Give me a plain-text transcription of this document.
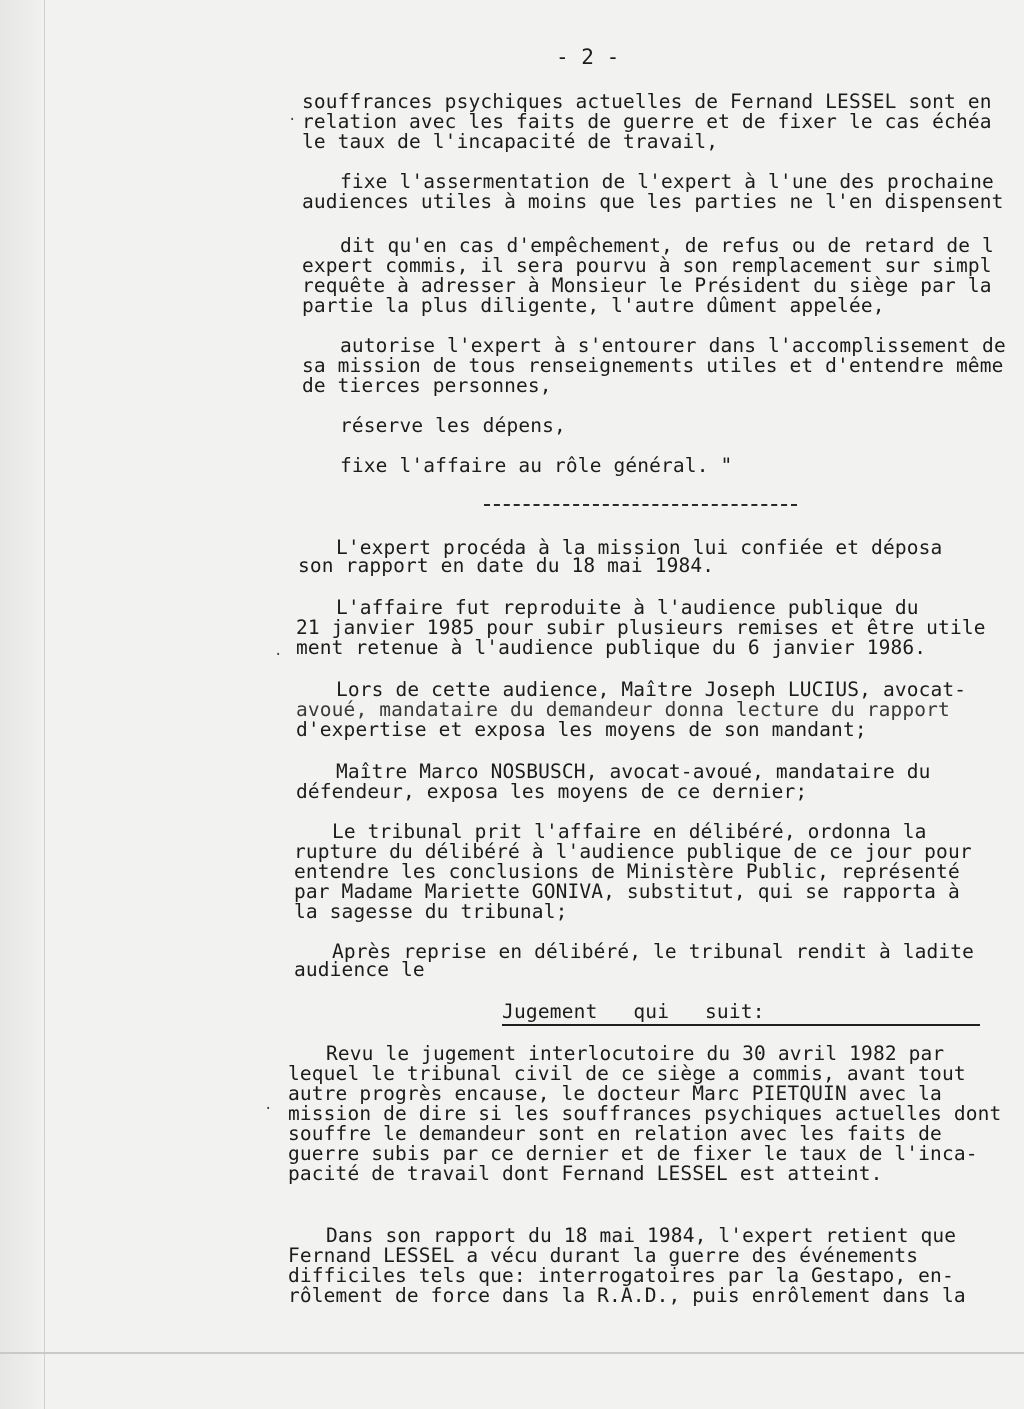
- 2 -
souffrances psychiques actuelles de Fernand LESSEL sont en
relation avec les faits de guerre et de fixer le cas échéa
le taux de l'incapacité de travail,
fixe l'assermentation de l'expert à l'une des prochaine
audiences utiles à moins que les parties ne l'en dispensent
dit qu'en cas d'empêchement, de refus ou de retard de l
expert commis, il sera pourvu à son remplacement sur simpl
requête à adresser à Monsieur le Président du siège par la
partie la plus diligente, l'autre dûment appelée,
autorise l'expert à s'entourer dans l'accomplissement de
sa mission de tous renseignements utiles et d'entendre même
de tierces personnes,
réserve les dépens,
fixe l'affaire au rôle général. "
L'expert procéda à la mission lui confiée et déposa
son rapport en date du 18 mai 1984.
L'affaire fut reproduite à l'audience publique du
21 janvier 1985 pour subir plusieurs remises et être utile
ment retenue à l'audience publique du 6 janvier 1986.
Lors de cette audience, Maître Joseph LUCIUS, avocat-
avoué, mandataire du demandeur donna lecture du rapport
d'expertise et exposa les moyens de son mandant;
Maître Marco NOSBUSCH, avocat-avoué, mandataire du
défendeur, exposa les moyens de ce dernier;
Le tribunal prit l'affaire en délibéré, ordonna la
rupture du délibéré à l'audience publique de ce jour pour
entendre les conclusions de Ministère Public, représenté
par Madame Mariette GONIVA, substitut, qui se rapporta à
la sagesse du tribunal;
Après reprise en délibéré, le tribunal rendit à ladite
audience le
Jugement   qui   suit:
Revu le jugement interlocutoire du 30 avril 1982 par
lequel le tribunal civil de ce siège a commis, avant tout
autre progrès encause, le docteur Marc PIETQUIN avec la
mission de dire si les souffrances psychiques actuelles dont
souffre le demandeur sont en relation avec les faits de
guerre subis par ce dernier et de fixer le taux de l'inca-
pacité de travail dont Fernand LESSEL est atteint.
Dans son rapport du 18 mai 1984, l'expert retient que
Fernand LESSEL a vécu durant la guerre des événements
difficiles tels que: interrogatoires par la Gestapo, en-
rôlement de force dans la R.A.D., puis enrôlement dans la
·
·
·
